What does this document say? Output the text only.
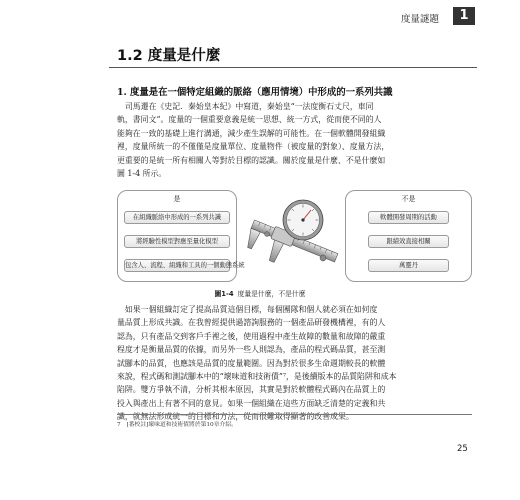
度量謎題	1
1.2 度量是什麼
1. 度量是在一個特定組織的脈絡（應用情境）中形成的一系列共識
　司馬遷在《史記．秦始皇本紀》中寫道，秦始皇“一法度衡石丈尺，車同
軌，書同文”。度量的一個重要意義是統一思想、統一方式，從而使不同的人
能夠在一致的基礎上進行溝通，減少產生誤解的可能性。在一個軟體開發組織
裡，度量所統一的不僅僅是度量單位、度量物件（被度量的對象）、度量方法，
更重要的是統一所有相關人等對於目標的認識。關於度量是什麼、不是什麼如
圖 1-4 所示。
是
在組織脈絡中形成的一系列共識
將經驗性模型對應至量化模型
包含人、流程、組織和工具的一個動態系統
不是
軟體開發周期的活動
跟績效直接相關
萬靈丹
圖1-4 度量是什麼，不是什麼
　如果一個組織訂定了提高品質這個目標，每個團隊和個人就必須在如何度
量品質上形成共識。在我曾經提供過諮詢服務的一個產品研發機構裡，有的人
認為，只有產品交到客戶手裡之後，使用過程中產生故障的數量和故障的嚴重
程度才是衡量品質的依據，而另外一些人則認為，產品的程式碼品質，甚至測
試腳本的品質，也應該是品質的度量範圍。因為對於很多生命週期較長的軟體
來說，程式碼和測試腳本中的“壞味道和技術債”⁷，是後續版本的品質陷阱和成本
陷阱。雙方爭執不清，分析其根本原因，其實是對於軟體程式碼內在品質上的
投入與產出上有著不同的意見。如果一個組織在這些方面缺乏清楚的定義和共
識，就無法形成統一的目標和方法，從而很難取得顯著的改善成果。
7　[番校註]壞味道和技術債將於第10章介紹。
25
